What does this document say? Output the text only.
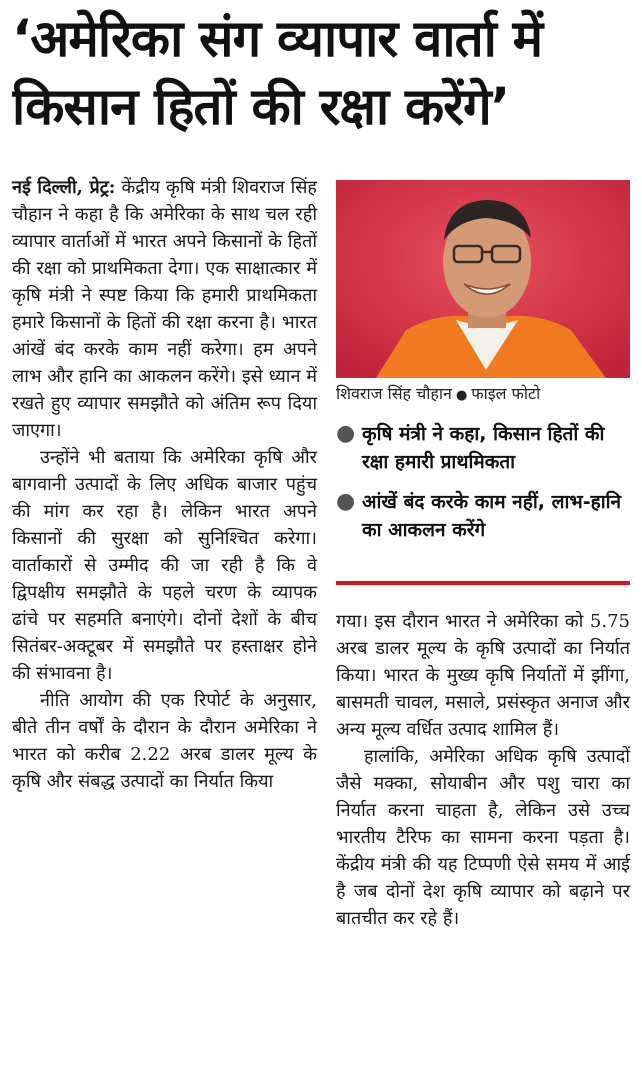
‘अमेरिका संग व्यापार वार्ता में
किसान हितों की रक्षा करेंगे’

नई दिल्ली, प्रेट्र: केंद्रीय कृषि मंत्री शिवराज सिंह चौहान ने कहा है कि अमेरिका के साथ चल रही व्यापार वार्ताओं में भारत अपने किसानों के हितों की रक्षा को प्राथमिकता देगा। एक साक्षात्कार में कृषि मंत्री ने स्पष्ट किया कि हमारी प्राथमिकता हमारे किसानों के हितों की रक्षा करना है। भारत आंखें बंद करके काम नहीं करेगा। हम अपने लाभ और हानि का आकलन करेंगे। इसे ध्यान में रखते हुए व्यापार समझौते को अंतिम रूप दिया जाएगा।

उन्होंने भी बताया कि अमेरिका कृषि और बागवानी उत्पादों के लिए अधिक बाजार पहुंच की मांग कर रहा है। लेकिन भारत अपने किसानों की सुरक्षा को सुनिश्चित करेगा। वार्ताकारों से उम्मीद की जा रही है कि वे द्विपक्षीय समझौते के पहले चरण के व्यापक ढांचे पर सहमति बनाएंगे। दोनों देशों के बीच सितंबर-अक्टूबर में समझौते पर हस्ताक्षर होने की संभावना है।

नीति आयोग की एक रिपोर्ट के अनुसार, बीते तीन वर्षों के दौरान के दौरान अमेरिका ने भारत को करीब 2.22 अरब डालर मूल्य के कृषि और संबद्ध उत्पादों का निर्यात किया

शिवराज सिंह चौहान ● फाइल फोटो
● कृषि मंत्री ने कहा, किसान हितों की रक्षा हमारी प्राथमिकता
● आंखें बंद करके काम नहीं, लाभ-हानि का आकलन करेंगे

गया। इस दौरान भारत ने अमेरिका को 5.75 अरब डालर मूल्य के कृषि उत्पादों का निर्यात किया। भारत के मुख्य कृषि निर्यातों में झींगा, बासमती चावल, मसाले, प्रसंस्कृत अनाज और अन्य मूल्य वर्धित उत्पाद शामिल हैं।

हालांकि, अमेरिका अधिक कृषि उत्पादों जैसे मक्का, सोयाबीन और पशु चारा का निर्यात करना चाहता है, लेकिन उसे उच्च भारतीय टैरिफ का सामना करना पड़ता है। केंद्रीय मंत्री की यह टिप्पणी ऐसे समय में आई है जब दोनों देश कृषि व्यापार को बढ़ाने पर बातचीत कर रहे हैं।
